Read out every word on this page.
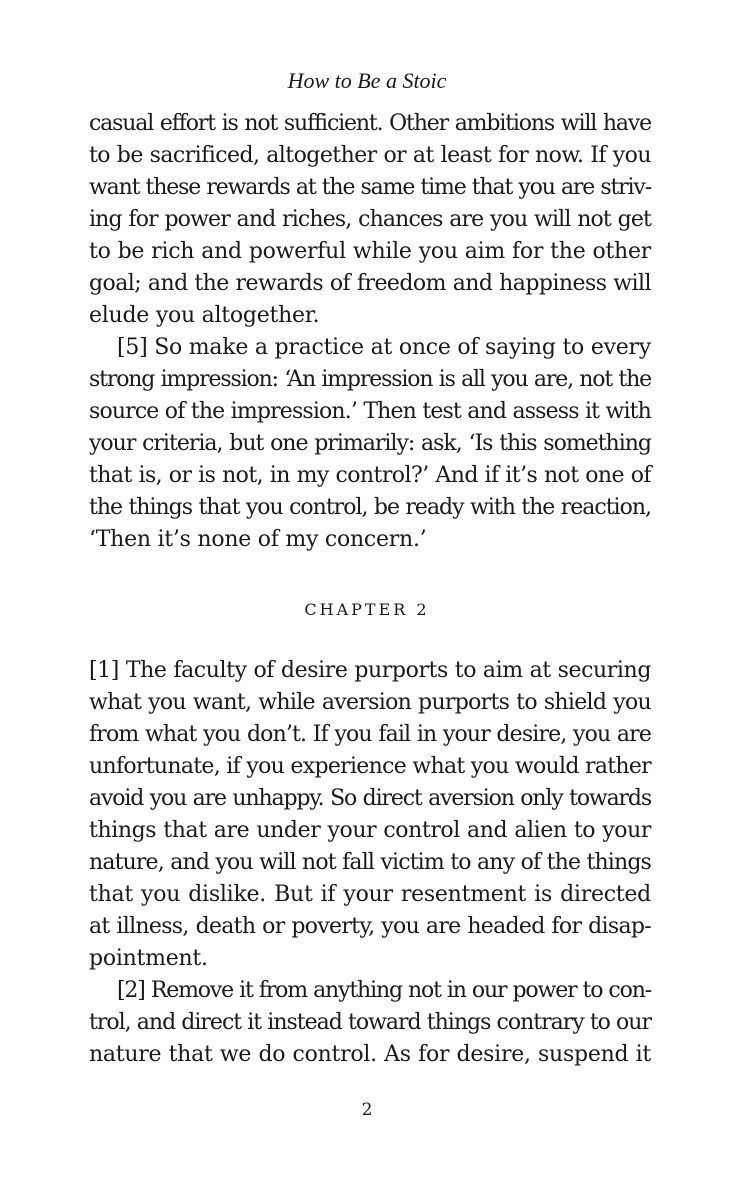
How to Be a Stoic
casual effort is not sufficient. Other ambitions will have
to be sacrificed, altogether or at least for now. If you
want these rewards at the same time that you are striv-
ing for power and riches, chances are you will not get
to be rich and powerful while you aim for the other
goal; and the rewards of freedom and happiness will
elude you altogether.
[5] So make a practice at once of saying to every
strong impression: ‘An impression is all you are, not the
source of the impression.’ Then test and assess it with
your criteria, but one primarily: ask, ‘Is this something
that is, or is not, in my control?’ And if it’s not one of
the things that you control, be ready with the reaction,
‘Then it’s none of my concern.’
CHAPTER 2
[1] The faculty of desire purports to aim at securing
what you want, while aversion purports to shield you
from what you don’t. If you fail in your desire, you are
unfortunate, if you experience what you would rather
avoid you are unhappy. So direct aversion only towards
things that are under your control and alien to your
nature, and you will not fall victim to any of the things
that you dislike. But if your resentment is directed
at illness, death or poverty, you are headed for disap-
pointment.
[2] Remove it from anything not in our power to con-
trol, and direct it instead toward things contrary to our
nature that we do control. As for desire, suspend it
2
